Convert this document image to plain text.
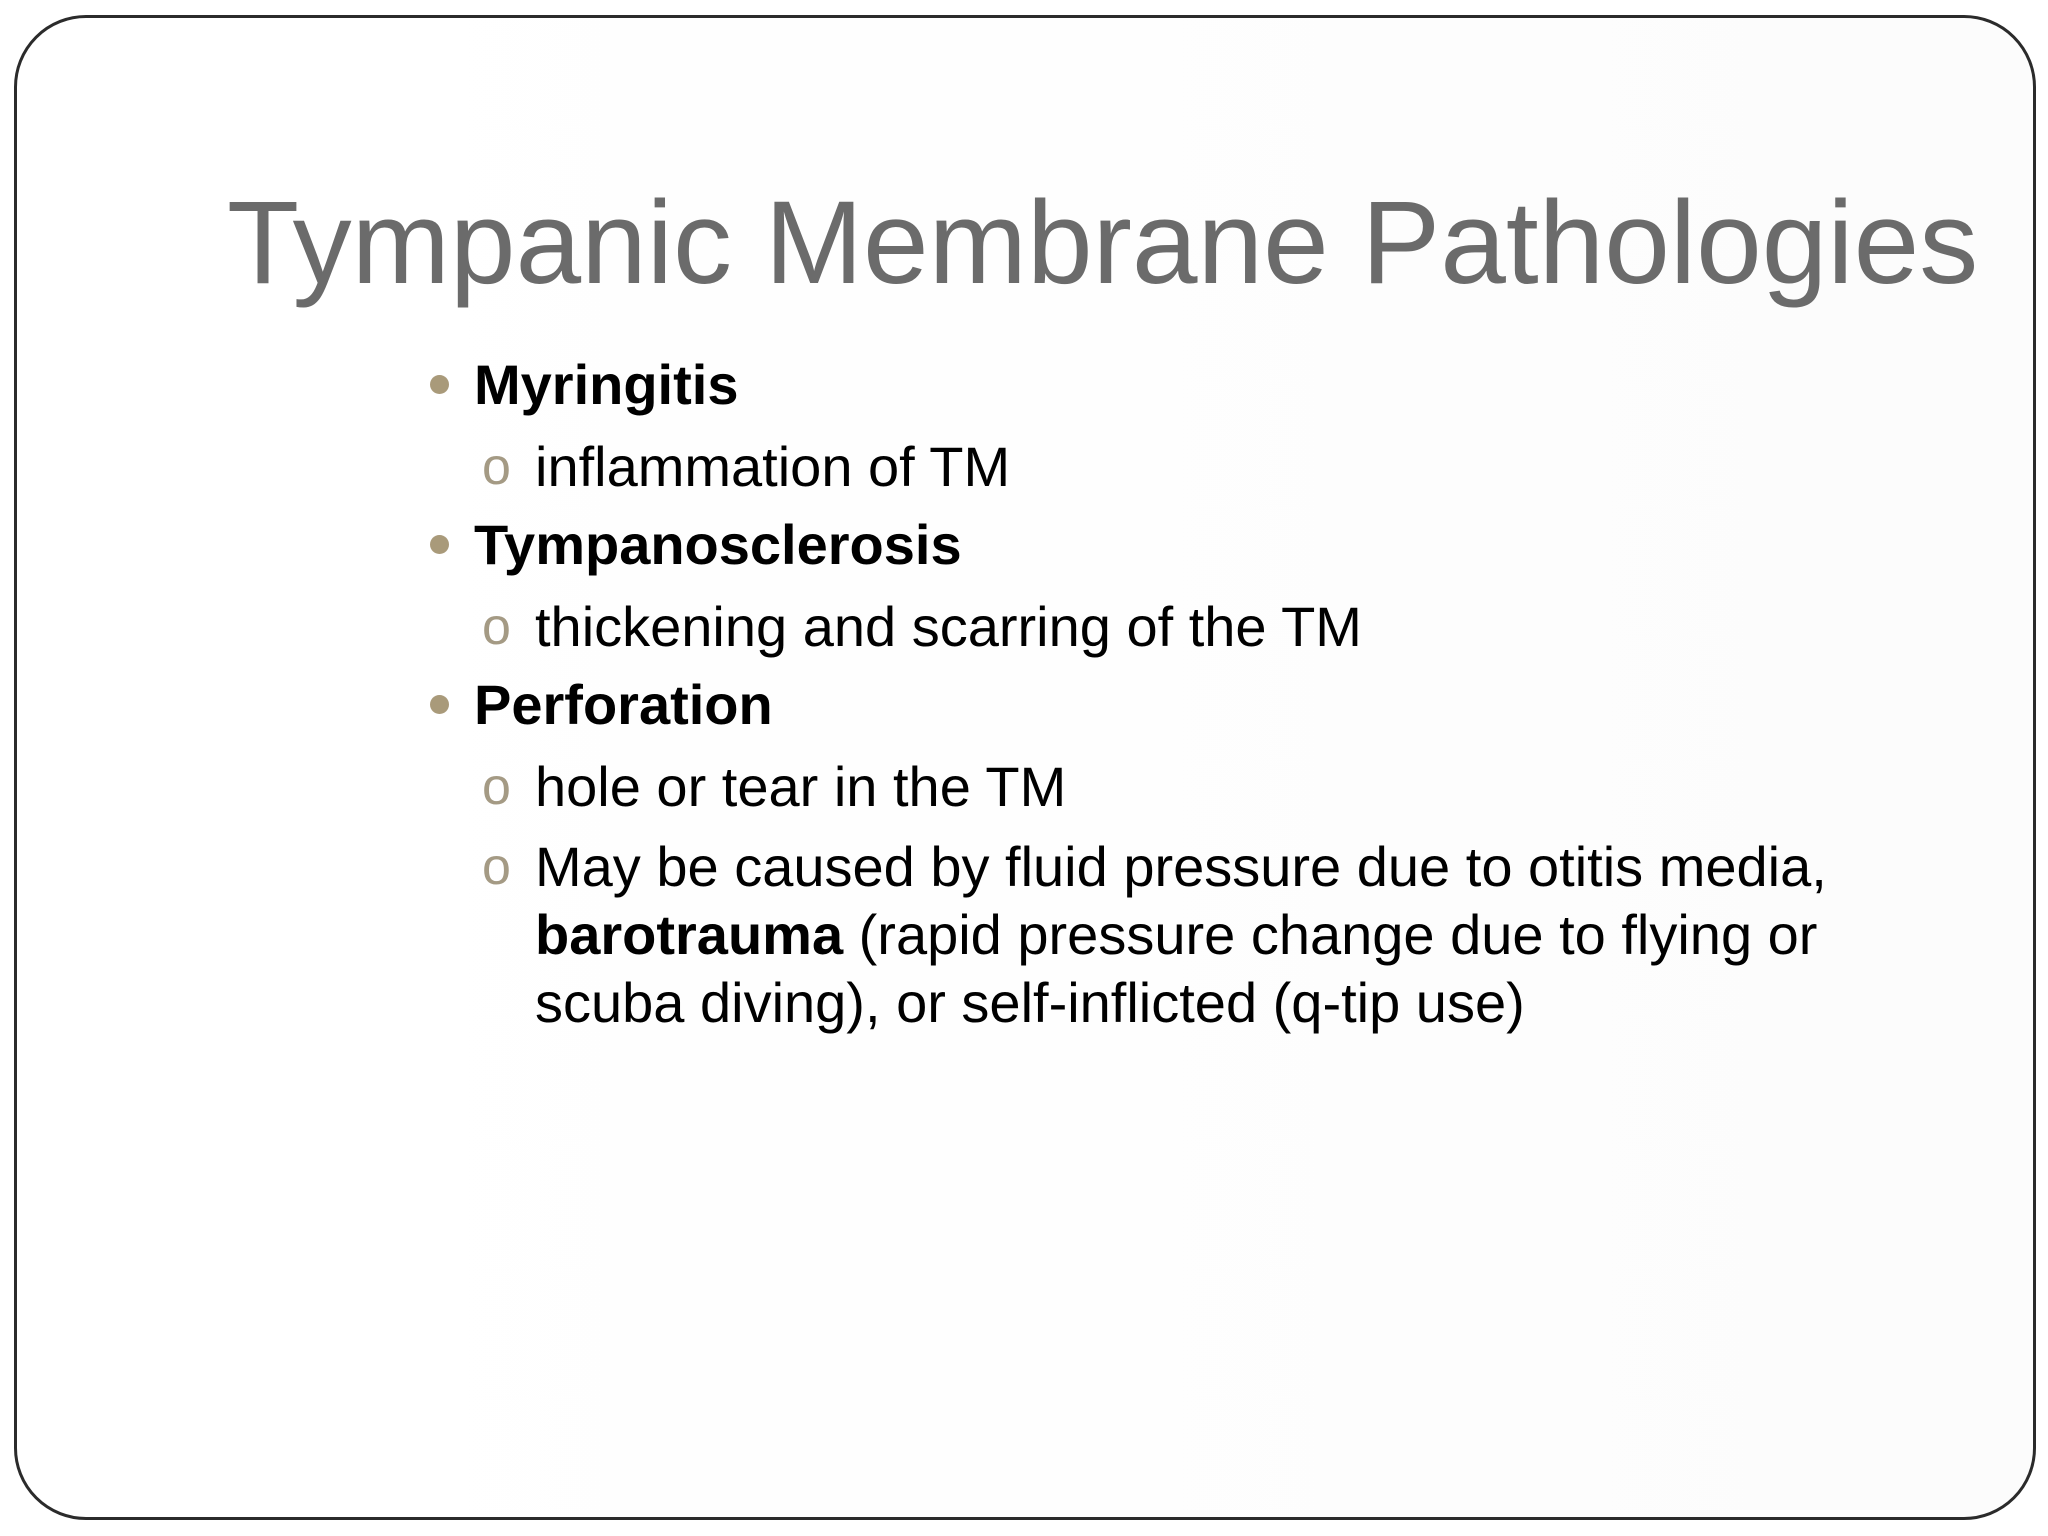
Tympanic Membrane Pathologies
Myringitis
o inflammation of TM
Tympanosclerosis
o thickening and scarring of the TM
Perforation
o hole or tear in the TM
o May be caused by fluid pressure due to otitis media, barotrauma (rapid pressure change due to flying or scuba diving), or self-inflicted (q-tip use)
